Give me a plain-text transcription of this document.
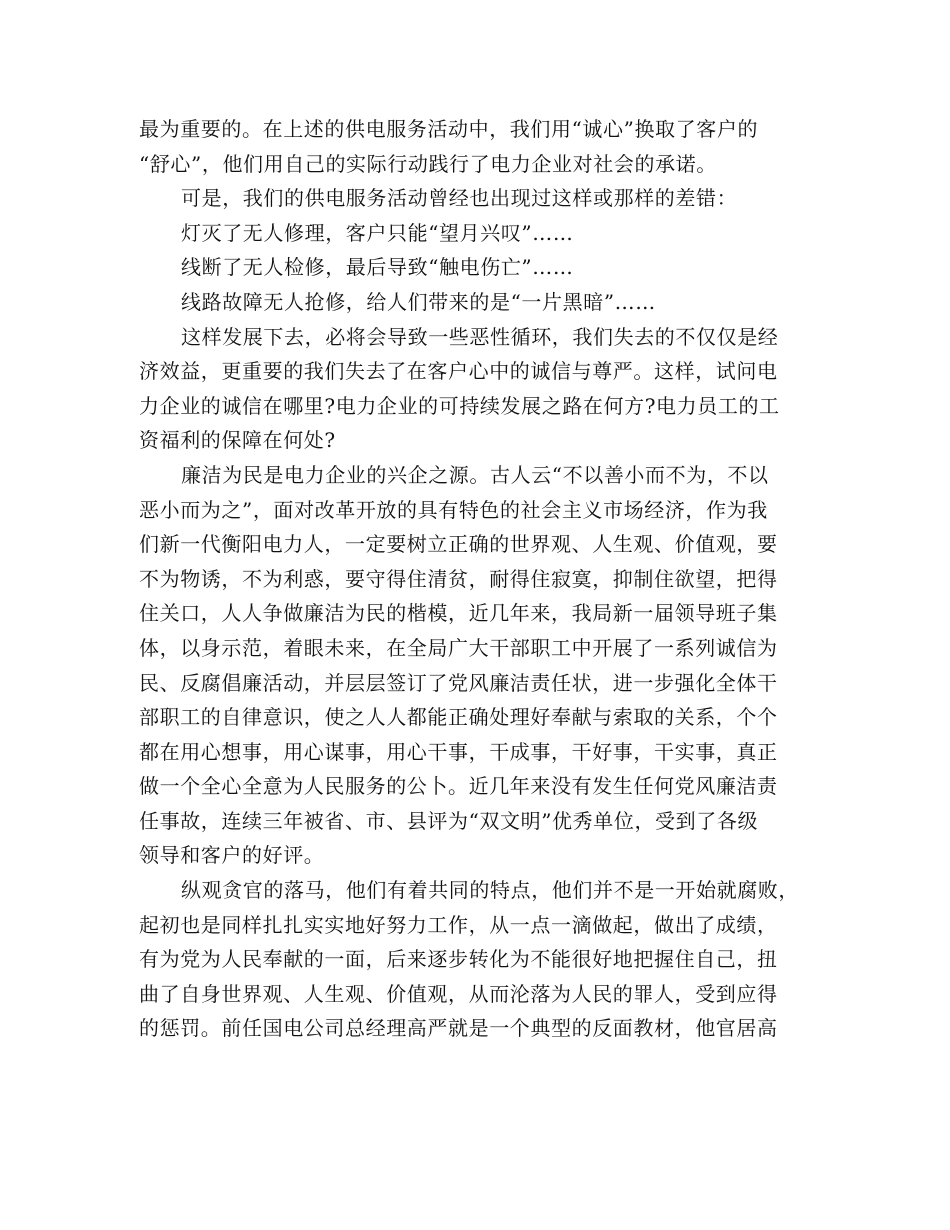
最为重要的。在上述的供电服务活动中，我们用“诚心”换取了客户的
“舒心”，他们用自己的实际行动践行了电力企业对社会的承诺。
可是，我们的供电服务活动曾经也出现过这样或那样的差错：
灯灭了无人修理，客户只能“望月兴叹”……
线断了无人检修，最后导致“触电伤亡”……
线路故障无人抢修，给人们带来的是“一片黑暗”……
这样发展下去，必将会导致一些恶性循环，我们失去的不仅仅是经
济效益，更重要的我们失去了在客户心中的诚信与尊严。这样，试问电
力企业的诚信在哪里?电力企业的可持续发展之路在何方?电力员工的工
资福利的保障在何处?
廉洁为民是电力企业的兴企之源。古人云“不以善小而不为，不以
恶小而为之”，面对改革开放的具有特色的社会主义市场经济，作为我
们新一代衡阳电力人，一定要树立正确的世界观、人生观、价值观，要
不为物诱，不为利惑，要守得住清贫，耐得住寂寞，抑制住欲望，把得
住关口，人人争做廉洁为民的楷模，近几年来，我局新一届领导班子集
体，以身示范，着眼未来，在全局广大干部职工中开展了一系列诚信为
民、反腐倡廉活动，并层层签订了党风廉洁责任状，进一步强化全体干
部职工的自律意识，使之人人都能正确处理好奉献与索取的关系，个个
都在用心想事，用心谋事，用心干事，干成事，干好事，干实事，真正
做一个全心全意为人民服务的公卜。近几年来没有发生任何党风廉洁责
任事故，连续三年被省、市、县评为“双文明”优秀单位，受到了各级
领导和客户的好评。
纵观贪官的落马，他们有着共同的特点，他们并不是一开始就腐败，
起初也是同样扎扎实实地好努力工作，从一点一滴做起，做出了成绩，
有为党为人民奉献的一面，后来逐步转化为不能很好地把握住自己，扭
曲了自身世界观、人生观、价值观，从而沦落为人民的罪人，受到应得
的惩罚。前任国电公司总经理高严就是一个典型的反面教材，他官居高
